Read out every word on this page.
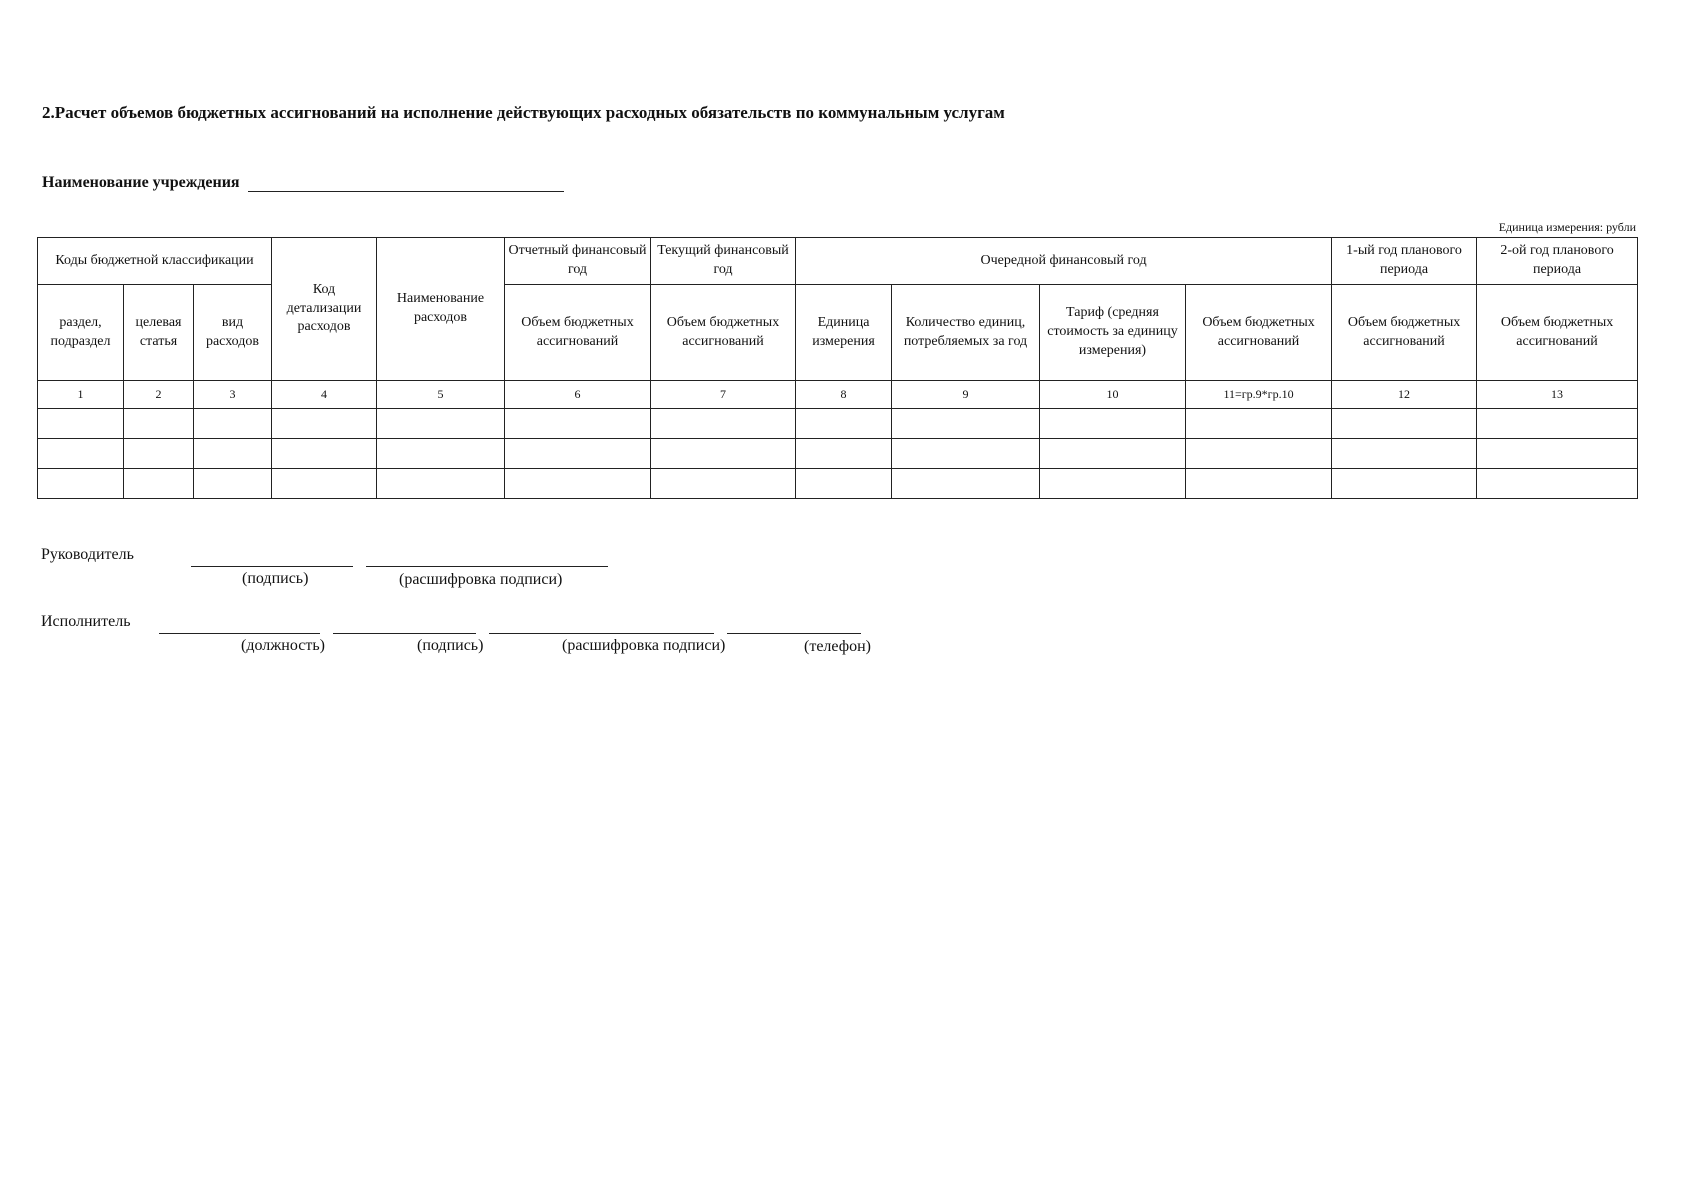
2.Расчет объемов бюджетных ассигнований на исполнение действующих расходных обязательств по коммунальным услугам
Наименование учреждения
Единица измерения: рубли
Коды бюджетной классификации			Код детализации расходов	Наименование расходов	Отчетный финансовый год	Текущий финансовый год	Очередной финансовый год				1-ый год планового периода	2-ой год планового периода
раздел, подраздел	целевая статья	вид расходов			Объем бюджетных ассигнований	Объем бюджетных ассигнований	Единица измерения	Количество единиц, потребляемых за год	Тариф (средняя стоимость за единицу измерения)	Объем бюджетных ассигнований	Объем бюджетных ассигнований	Объем бюджетных ассигнований
1	2	3	4	5	6	7	8	9	10	11=гр.9*гр.10	12	13

Руководитель
(подпись)	(расшифровка подписи)
Исполнитель
(должность)	(подпись)	(расшифровка подписи)	(телефон)
